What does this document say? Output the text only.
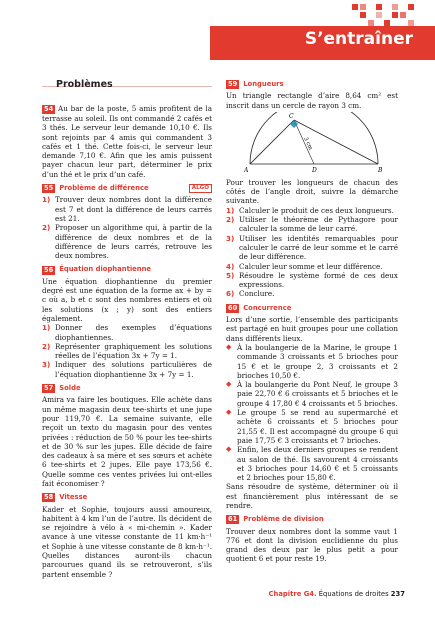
S’entraîner
Problèmes

54 Au bar de la poste, 5 amis profitent de la terrasse au soleil. Ils ont commandé 2 cafés et 3 thés. Le serveur leur demande 10,10 €. Ils sont rejoints par 4 amis qui commandent 3 cafés et 1 thé. Cette fois-ci, le serveur leur demande 7,10 €. Afin que les amis puissent payer chacun leur part, déterminer le prix d’un thé et le prix d’un café.

55 Problème de différence	ALGO
1) Trouver deux nombres dont la différence est 7 et dont la différence de leurs carrés est 21.

2) Proposer un algorithme qui, à partir de la différence de deux nombres et de la différence de leurs carrés, retrouve les deux nombres.

56 Équation diophantienne

Une équation diophantienne du premier degré est une équation de la forme ax + by = c où a, b et c sont des nombres entiers et où les solutions (x ; y) sont des entiers également.

1) Donner des exemples d’équations diophantiennes.

2) Représenter graphiquement les solutions réelles de l’équation 3x + 7y = 1.

3) Indiquer des solutions particulières de l’équation diophantienne 3x + 7y = 1.

57 Solde

Amira va faire les boutiques. Elle achète dans un même magasin deux tee-shirts et une jupe pour 119,70 €. La semaine suivante, elle reçoit un texto du magasin pour des ventes privées : réduction de 50 % pour les tee-shirts et de 30 % sur les jupes. Elle décide de faire des cadeaux à sa mère et ses sœurs et achète 6 tee-shirts et 2 jupes. Elle paye 173,56 €. Quelle somme ces ventes privées lui ont-elles fait économiser ?

58 Vitesse

Kader et Sophie, toujours aussi amoureux, habitent à 4 km l’un de l’autre. Ils décident de se rejoindre à vélo à « mi-chemin ». Kader avance à une vitesse constante de 11 km·h⁻¹ et Sophie à une vitesse constante de 8 km·h⁻¹. Quelles distances auront-ils chacun parcourues quand ils se retrouveront, s’ils partent ensemble ?

59 Longueurs

Un triangle rectangle d’aire 8,64 cm² est inscrit dans un cercle de rayon 3 cm.

C
A	B
D
3 cm

Pour trouver les longueurs de chacun des côtés de l’angle droit, suivre la démarche suivante.

1) Calculer le produit de ces deux longueurs.

2) Utiliser le théorème de Pythagore pour calculer la somme de leur carré.

3) Utiliser les identités remarquables pour calculer le carré de leur somme et le carré de leur différence.

4) Calculer leur somme et leur différence.

5) Résoudre le système formé de ces deux expressions.

6) Conclure.

60 Concurrence

Lors d’une sortie, l’ensemble des participants est partagé en huit groupes pour une collation dans différents lieux.

◆ À la boulangerie de la Marine, le groupe 1 commande 3 croissants et 5 brioches pour 15 € et le groupe 2, 3 croissants et 2 brioches 10,50 €.

◆ À la boulangerie du Pont Neuf, le groupe 3 paie 22,70 € 6 croissants et 5 brioches et le groupe 4 17,80 € 4 croissants et 5 brioches.

◆ Le groupe 5 se rend au supermarché et achète 6 croissants et 5 brioches pour 21,55 €. Il est accompagné du groupe 6 qui paie 17,75 € 3 croissants et 7 brioches.

◆ Enfin, les deux derniers groupes se rendent au salon de thé. Ils savourent 4 croissants et 3 brioches pour 14,60 € et 5 croissants et 2 brioches pour 15,80 €.

Sans résoudre de système, déterminer où il est financièrement plus intéressant de se rendre.

61 Problème de division

Trouver deux nombres dont la somme vaut 1 776 et dont la division euclidienne du plus grand des deux par le plus petit a pour quotient 6 et pour reste 19.

Chapitre G4. Équations de droites 237
